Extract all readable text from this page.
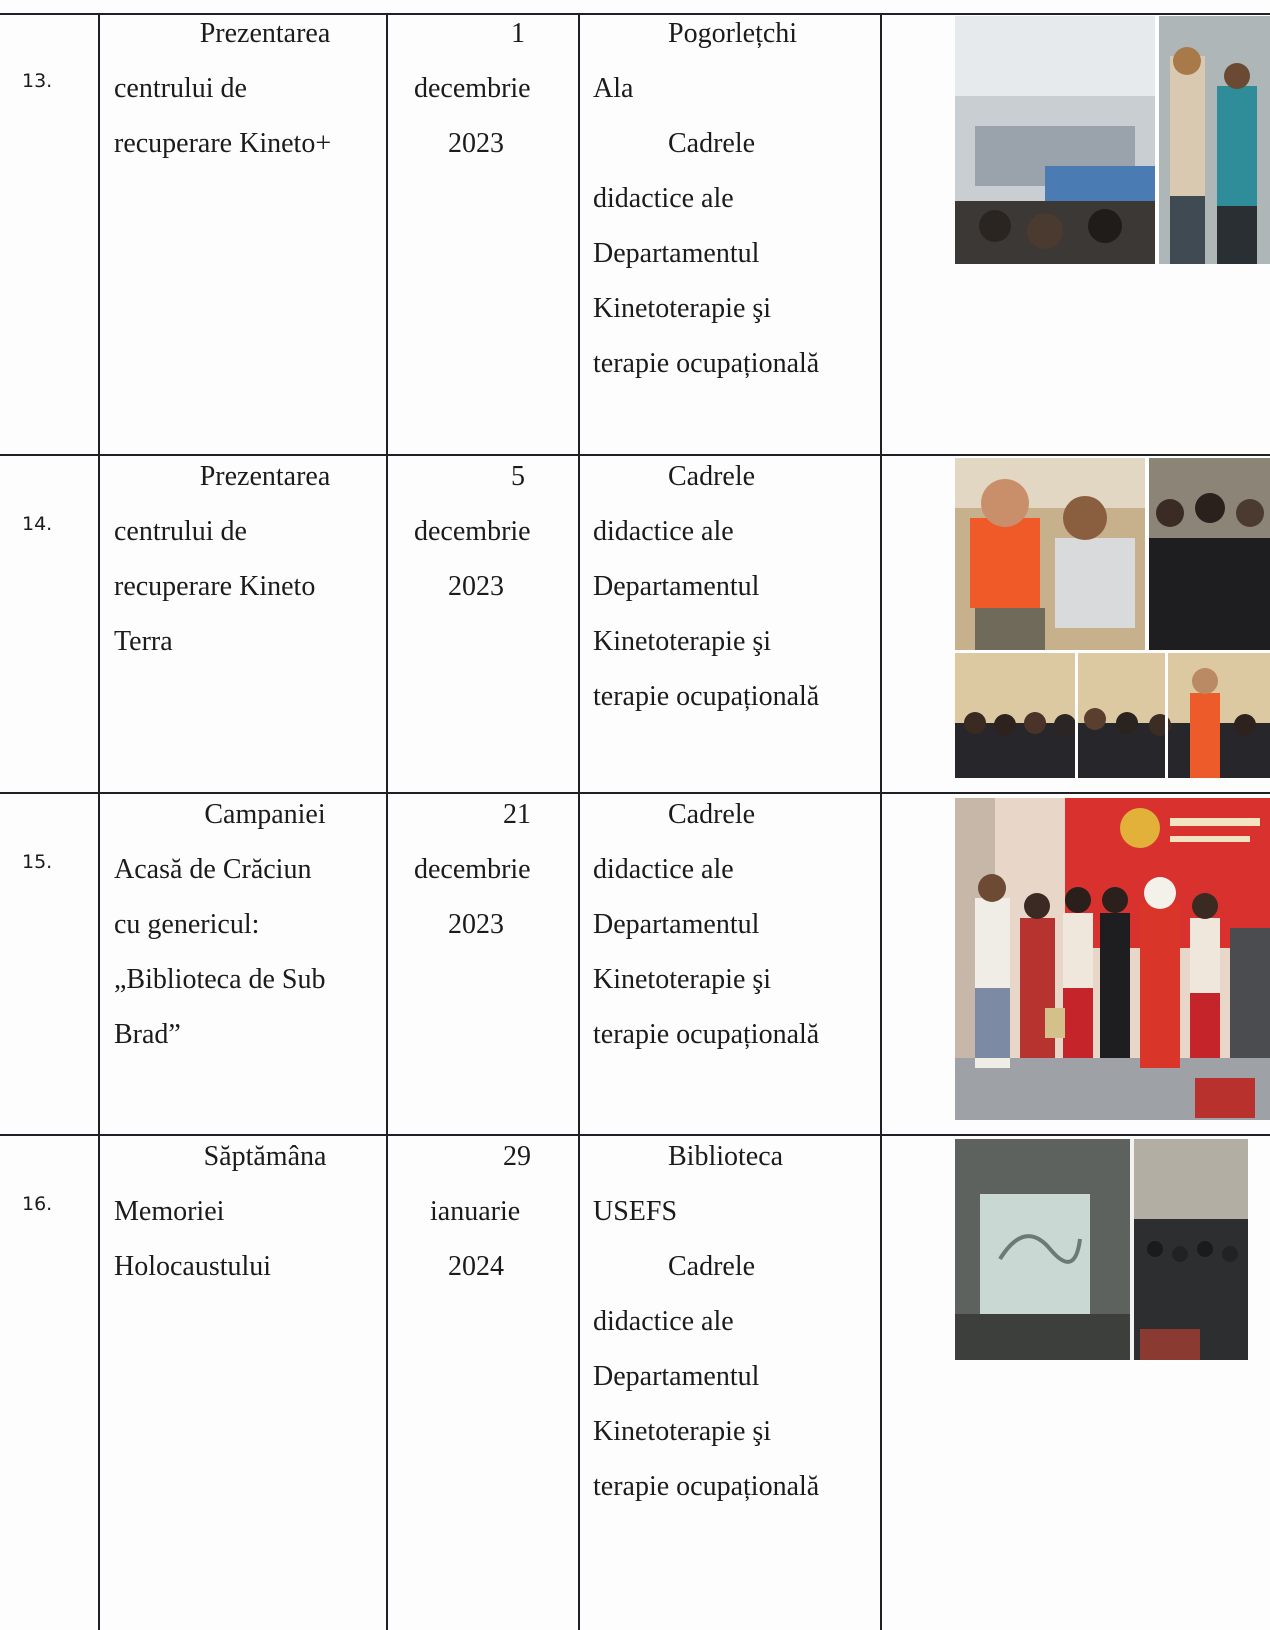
13.
Prezentarea
centrului de
recuperare Kineto+
1
decembrie
2023
Pogorlețchi
Ala
Cadrele
didactice ale
Departamentul
Kinetoterapie şi
terapie ocupațională
14.
Prezentarea
centrului de
recuperare Kineto
Terra
5
decembrie
2023
Cadrele
didactice ale
Departamentul
Kinetoterapie şi
terapie ocupațională
15.
Campaniei
Acasă de Crăciun
cu genericul:
„Biblioteca de Sub
Brad”
21
decembrie
2023
Cadrele
didactice ale
Departamentul
Kinetoterapie şi
terapie ocupațională
16.
Săptămâna
Memoriei
Holocaustului
29
ianuarie
2024
Biblioteca
USEFS
Cadrele
didactice ale
Departamentul
Kinetoterapie şi
terapie ocupațională
